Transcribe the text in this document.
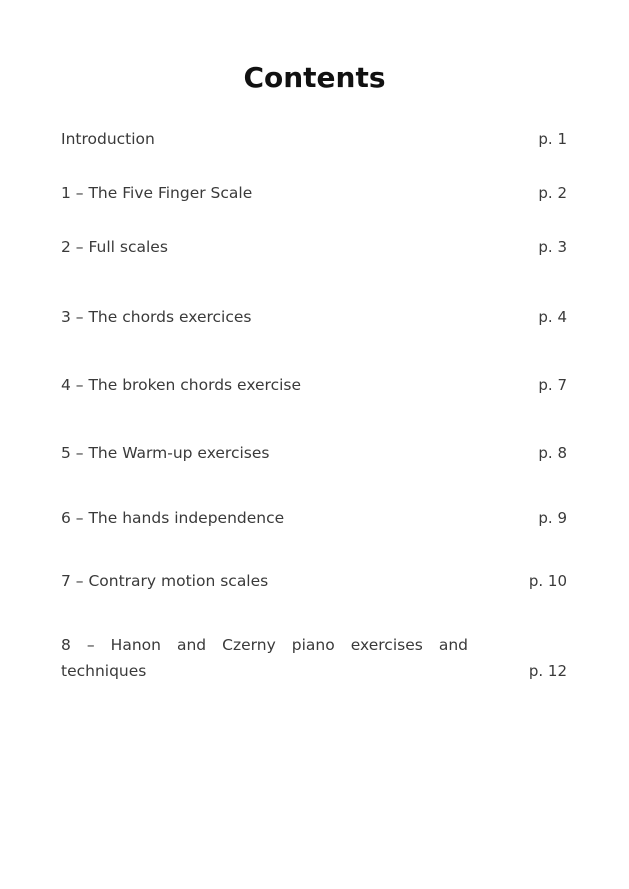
Contents
Introduction	p. 1
1 – The Five Finger Scale	p. 2
2 – Full scales	p. 3
3 – The chords exercices	p. 4
4 – The broken chords exercise	p. 7
5 – The Warm-up exercises	p. 8
6 – The hands independence	p. 9
7 – Contrary motion scales	p. 10
8 – Hanon and Czerny piano exercises and techniques	p. 12
